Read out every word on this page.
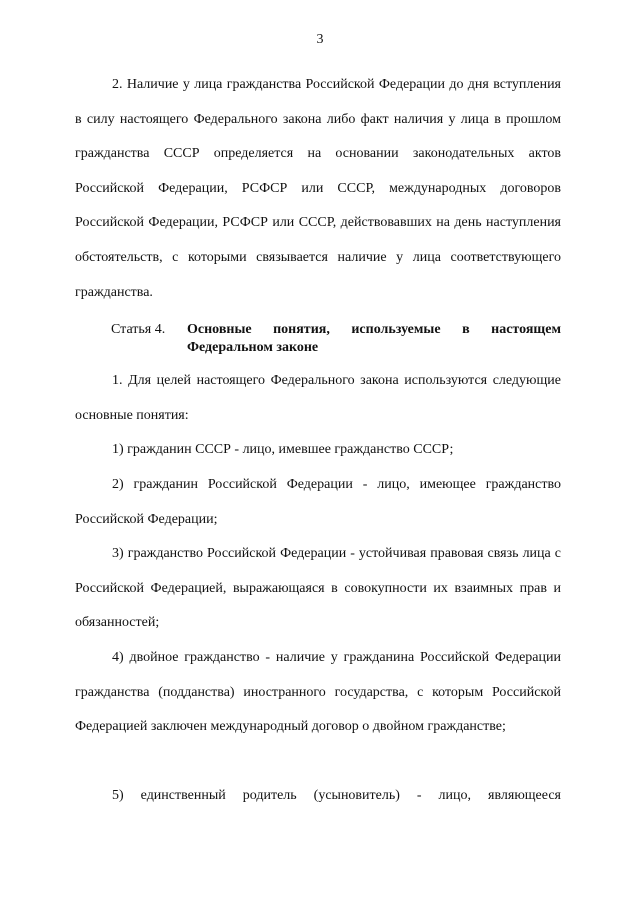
3

2. Наличие у лица гражданства Российской Федерации до дня вступления в силу настоящего Федерального закона либо факт наличия у лица в прошлом гражданства СССР определяется на основании законодательных актов Российской Федерации, РСФСР или СССР, международных договоров Российской Федерации, РСФСР или СССР, действовавших на день наступления обстоятельств, с которыми связывается наличие у лица соответствующего гражданства.

Статья 4.	Основные понятия, используемые в настоящем Федеральном законе

1. Для целей настоящего Федерального закона используются следующие основные понятия:

1) гражданин СССР - лицо, имевшее гражданство СССР;

2) гражданин Российской Федерации - лицо, имеющее гражданство Российской Федерации;

3) гражданство Российской Федерации - устойчивая правовая связь лица с Российской Федерацией, выражающаяся в совокупности их взаимных прав и обязанностей;

4) двойное гражданство - наличие у гражданина Российской Федерации гражданства (подданства) иностранного государства, с которым Российской Федерацией заключен международный договор о двойном гражданстве;

5) единственный родитель (усыновитель) - лицо, являющееся
